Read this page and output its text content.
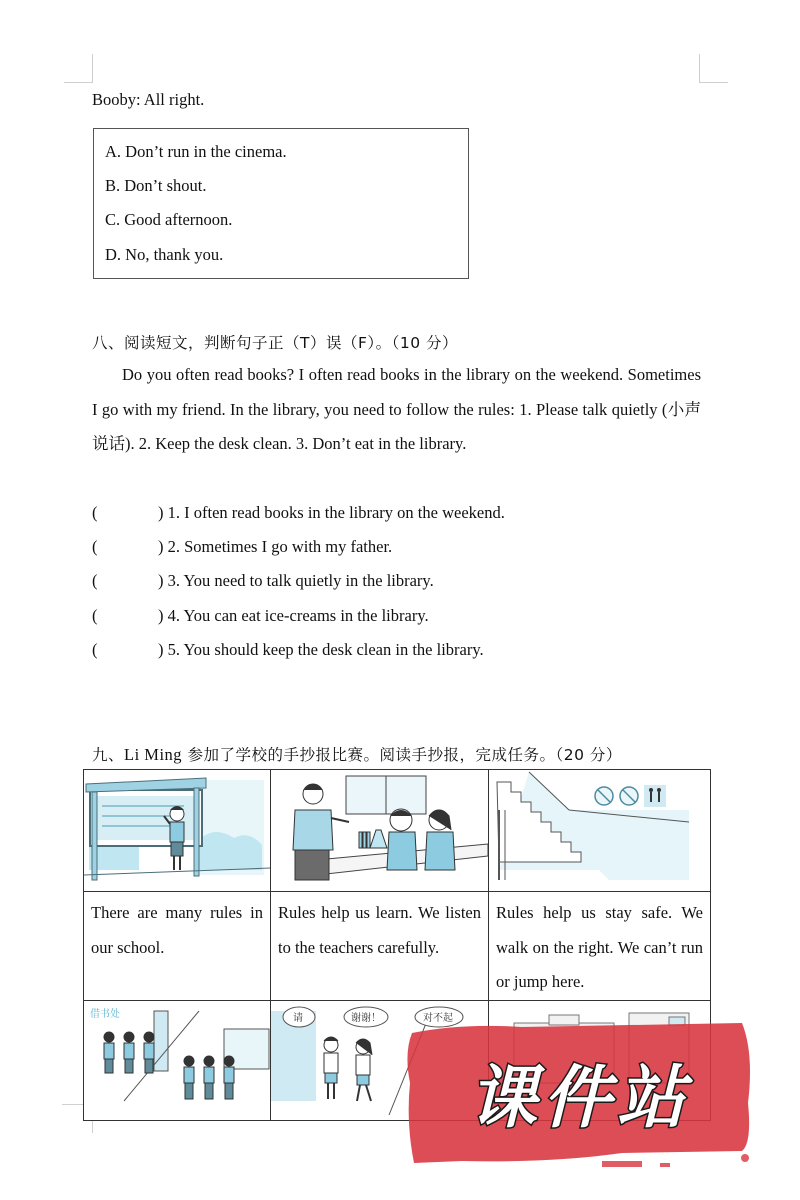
Booby: All right.
A. Don’t run in the cinema.
B. Don’t shout.
C. Good afternoon.
D. No, thank you.
八、阅读短文，判断句子正（T）误（F）。（10 分）

Do you often read books? I often read books in the library on the weekend. Sometimes I go with my friend. In the library, you need to follow the rules: 1. Please talk quietly (小声说话). 2. Keep the desk clean. 3. Don’t eat in the library.

(	) 1. I often read books in the library on the weekend.
(	) 2. Sometimes I go with my father.
(	) 3. You need to talk quietly in the library.
(	) 4. You can eat ice-creams in the library.
(	) 5. You should keep the desk clean in the library.
九、Li Ming 参加了学校的手抄报比赛。阅读手抄报，完成任务。（20 分）

There are many rules in our school.	Rules help us learn. We listen to the teachers carefully.	Rules help us stay safe. We walk on the right. We can’t run or jump here.

借书处	请 谢谢！ 对不起

课件站
